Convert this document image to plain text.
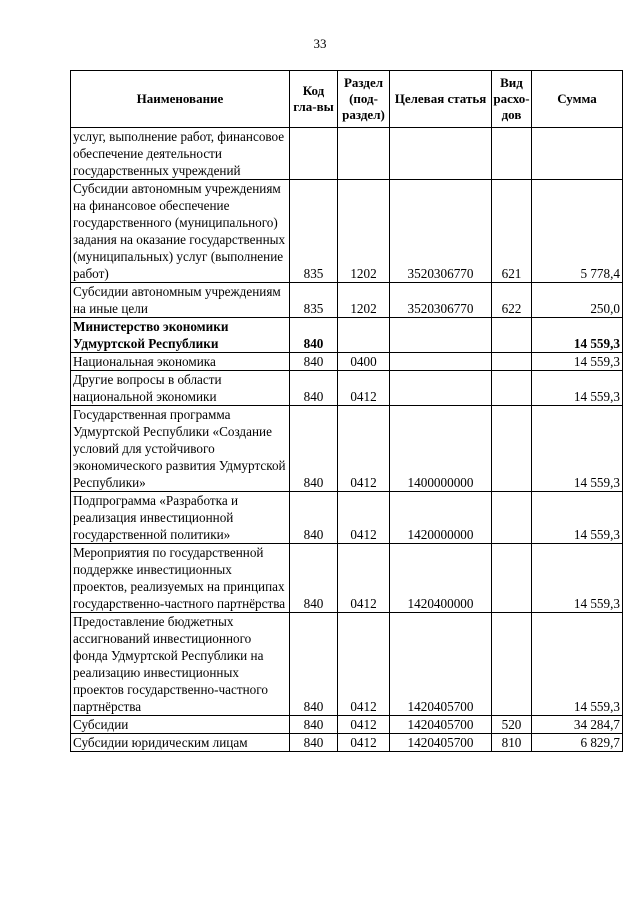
33
Наименование	Код гла-вы	Раздел (под-раздел)	Целевая статья	Вид расхо-дов	Сумма
услуг, выполнение работ, финансовое обеспечение деятельности государственных учреждений					
Субсидии автономным учреждениям на финансовое обеспечение государственного (муниципального) задания на оказание государственных (муниципальных) услуг (выполнение работ)	835	1202	3520306770	621	5 778,4
Субсидии автономным учреждениям на иные цели	835	1202	3520306770	622	250,0
Министерство экономики Удмуртской Республики	840				14 559,3
Национальная экономика	840	0400			14 559,3
Другие вопросы в области национальной экономики	840	0412			14 559,3
Государственная программа Удмуртской Республики «Создание условий для устойчивого экономического развития Удмуртской Республики»	840	0412	1400000000		14 559,3
Подпрограмма «Разработка и реализация инвестиционной государственной политики»	840	0412	1420000000		14 559,3
Мероприятия по государственной поддержке инвестиционных проектов, реализуемых на принципах государственно-частного партнёрства	840	0412	1420400000		14 559,3
Предоставление бюджетных ассигнований инвестиционного фонда Удмуртской Республики на реализацию инвестиционных проектов государственно-частного партнёрства	840	0412	1420405700		14 559,3
Субсидии	840	0412	1420405700	520	34 284,7
Субсидии юридическим лицам	840	0412	1420405700	810	6 829,7
